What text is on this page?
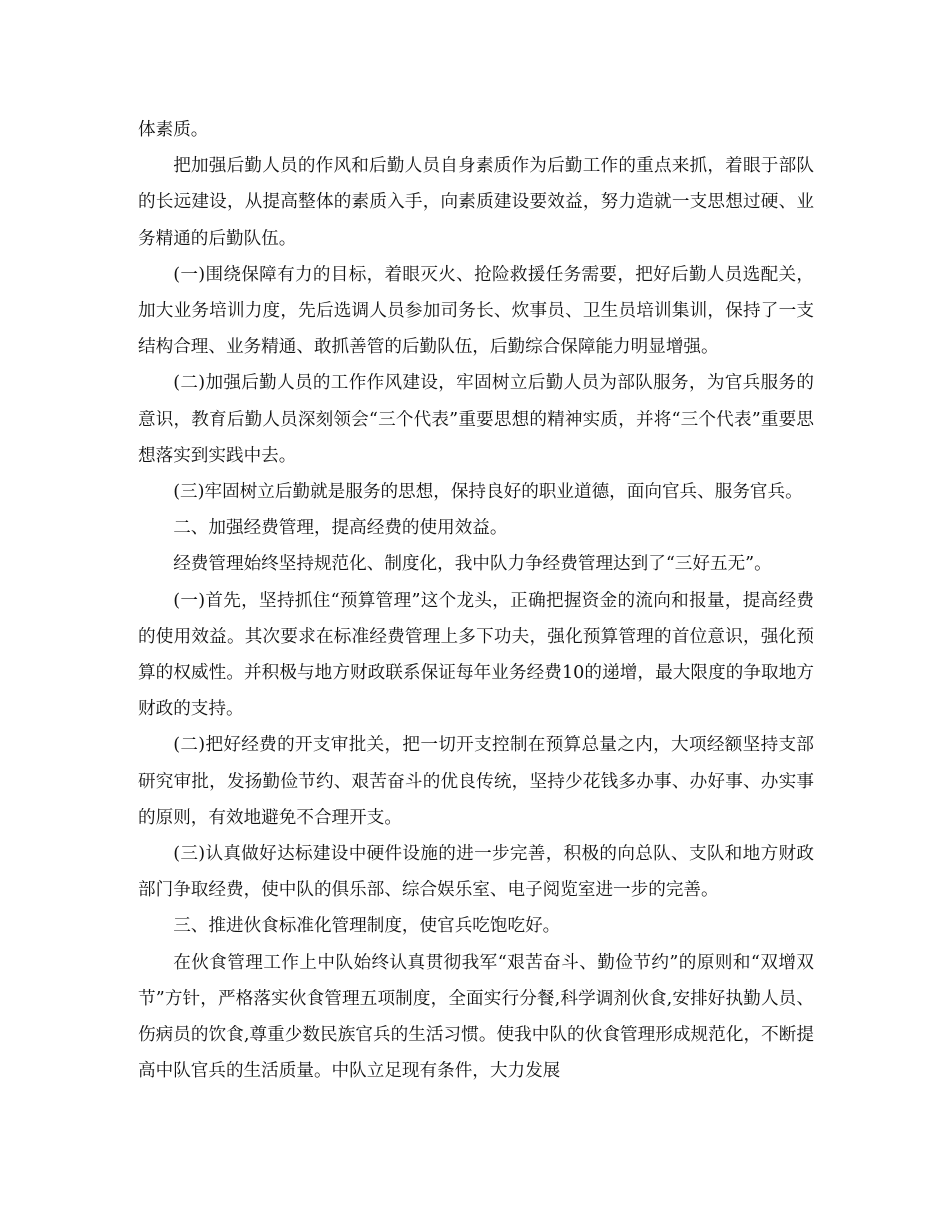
体素质。

把加强后勤人员的作风和后勤人员自身素质作为后勤工作的重点来抓，着眼于部队的长远建设，从提高整体的素质入手，向素质建设要效益，努力造就一支思想过硬、业务精通的后勤队伍。

(一)围绕保障有力的目标，着眼灭火、抢险救援任务需要，把好后勤人员选配关，加大业务培训力度，先后选调人员参加司务长、炊事员、卫生员培训集训，保持了一支结构合理、业务精通、敢抓善管的后勤队伍，后勤综合保障能力明显增强。

(二)加强后勤人员的工作作风建设，牢固树立后勤人员为部队服务，为官兵服务的意识，教育后勤人员深刻领会“三个代表”重要思想的精神实质，并将“三个代表”重要思想落实到实践中去。

(三)牢固树立后勤就是服务的思想，保持良好的职业道德，面向官兵、服务官兵。

二、加强经费管理，提高经费的使用效益。

经费管理始终坚持规范化、制度化，我中队力争经费管理达到了“三好五无”。

(一)首先，坚持抓住“预算管理”这个龙头，正确把握资金的流向和报量，提高经费的使用效益。其次要求在标准经费管理上多下功夫，强化预算管理的首位意识，强化预算的权威性。并积极与地方财政联系保证每年业务经费10的递增，最大限度的争取地方财政的支持。

(二)把好经费的开支审批关，把一切开支控制在预算总量之内，大项经额坚持支部研究审批，发扬勤俭节约、艰苦奋斗的优良传统，坚持少花钱多办事、办好事、办实事的原则，有效地避免不合理开支。

(三)认真做好达标建设中硬件设施的进一步完善，积极的向总队、支队和地方财政部门争取经费，使中队的俱乐部、综合娱乐室、电子阅览室进一步的完善。

三、推进伙食标准化管理制度，使官兵吃饱吃好。

在伙食管理工作上中队始终认真贯彻我军“艰苦奋斗、勤俭节约”的原则和“双增双节”方针，严格落实伙食管理五项制度，全面实行分餐,科学调剂伙食,安排好执勤人员、伤病员的饮食,尊重少数民族官兵的生活习惯。使我中队的伙食管理形成规范化，不断提高中队官兵的生活质量。中队立足现有条件，大力发展
